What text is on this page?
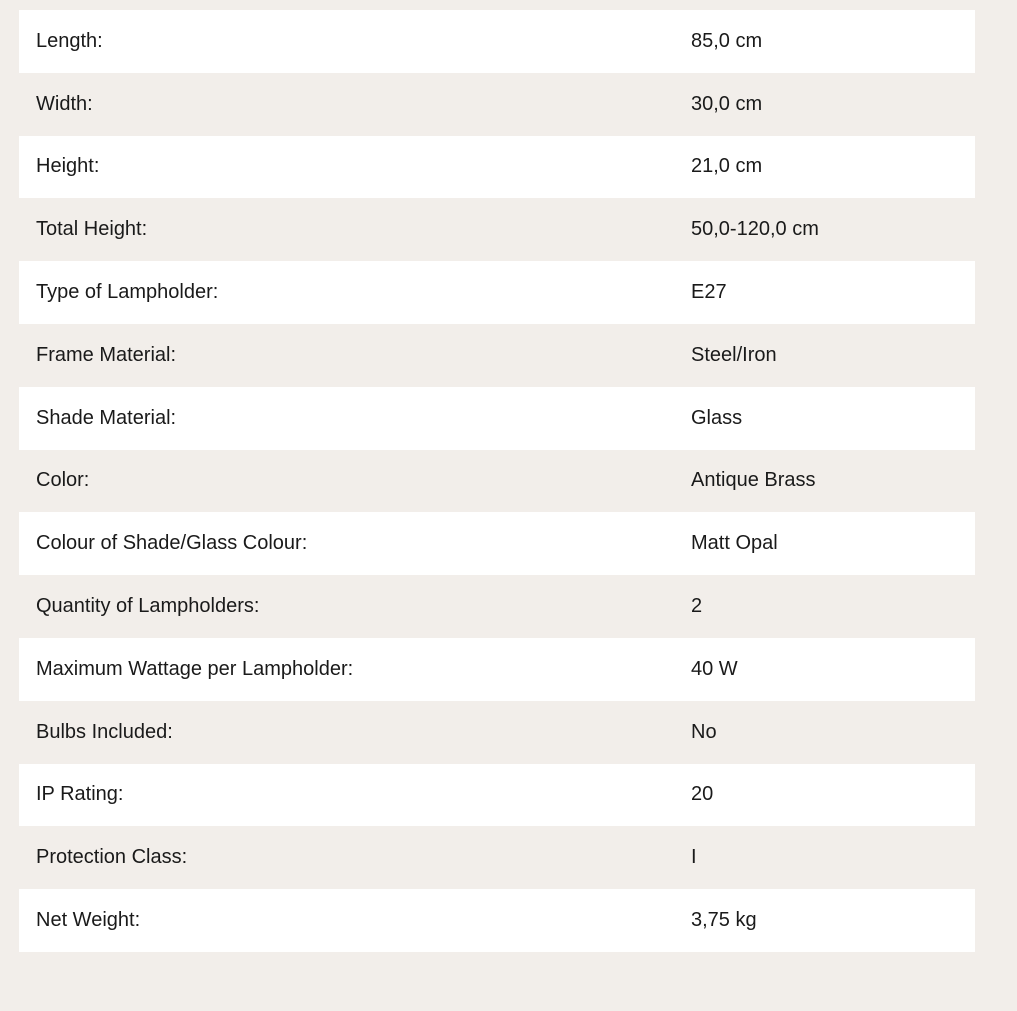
Length:	85,0 cm
Width:	30,0 cm
Height:	21,0 cm
Total Height:	50,0-120,0 cm
Type of Lampholder:	E27
Frame Material:	Steel/Iron
Shade Material:	Glass
Color:	Antique Brass
Colour of Shade/Glass Colour:	Matt Opal
Quantity of Lampholders:	2
Maximum Wattage per Lampholder:	40 W
Bulbs Included:	No
IP Rating:	20
Protection Class:	I
Net Weight:	3,75 kg
